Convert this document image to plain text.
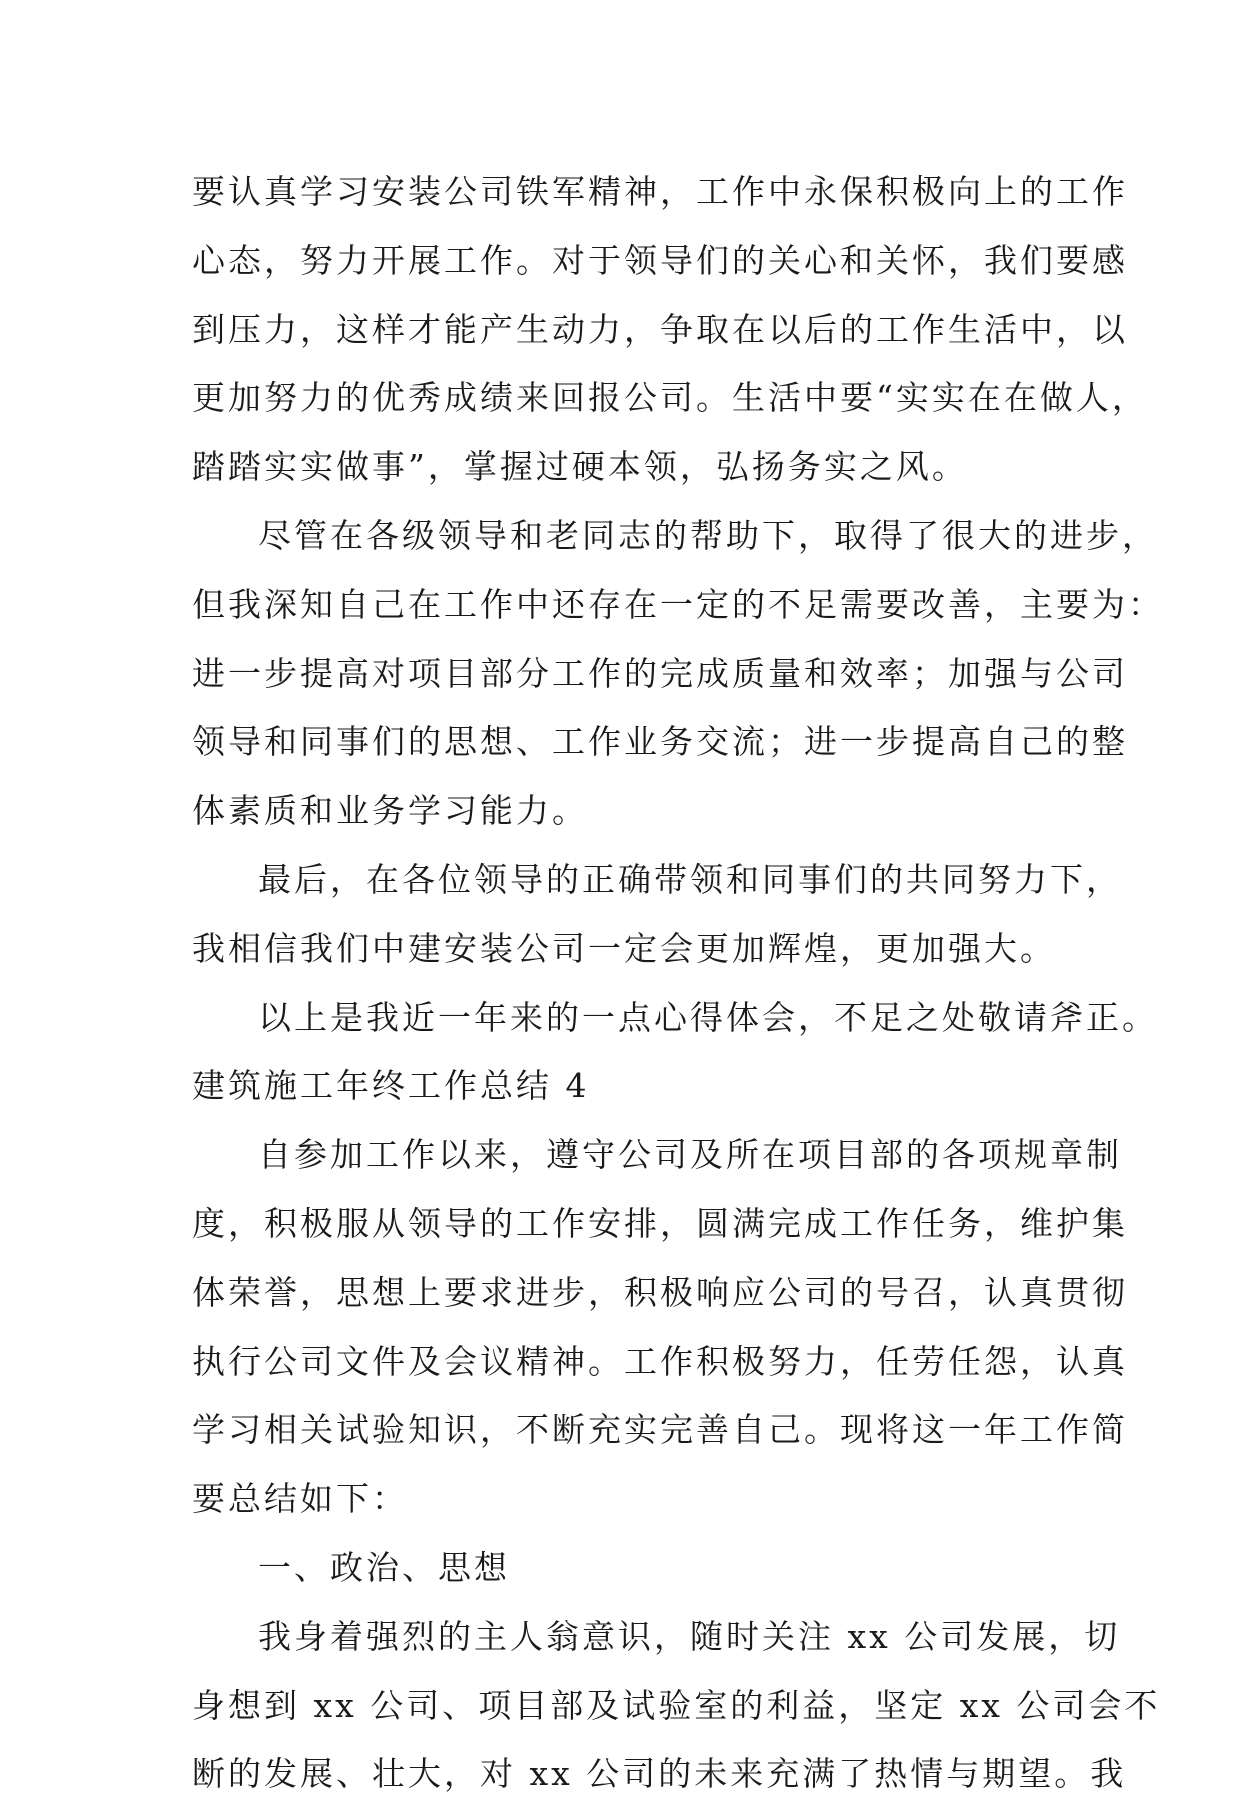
要认真学习安装公司铁军精神，工作中永保积极向上的工作
心态，努力开展工作。对于领导们的关心和关怀，我们要感
到压力，这样才能产生动力，争取在以后的工作生活中，以
更加努力的优秀成绩来回报公司。生活中要“实实在在做人，
踏踏实实做事”，掌握过硬本领，弘扬务实之风。
尽管在各级领导和老同志的帮助下，取得了很大的进步，
但我深知自己在工作中还存在一定的不足需要改善，主要为：
进一步提高对项目部分工作的完成质量和效率；加强与公司
领导和同事们的思想、工作业务交流；进一步提高自己的整
体素质和业务学习能力。
最后，在各位领导的正确带领和同事们的共同努力下，
我相信我们中建安装公司一定会更加辉煌，更加强大。
以上是我近一年来的一点心得体会，不足之处敬请斧正。
建筑施工年终工作总结 4
自参加工作以来，遵守公司及所在项目部的各项规章制
度，积极服从领导的工作安排，圆满完成工作任务，维护集
体荣誉，思想上要求进步，积极响应公司的号召，认真贯彻
执行公司文件及会议精神。工作积极努力，任劳任怨，认真
学习相关试验知识，不断充实完善自己。现将这一年工作简
要总结如下：
一、政治、思想
我身着强烈的主人翁意识，随时关注 xx 公司发展，切
身想到 xx 公司、项目部及试验室的利益，坚定 xx 公司会不
断的发展、壮大，对 xx 公司的未来充满了热情与期望。我
